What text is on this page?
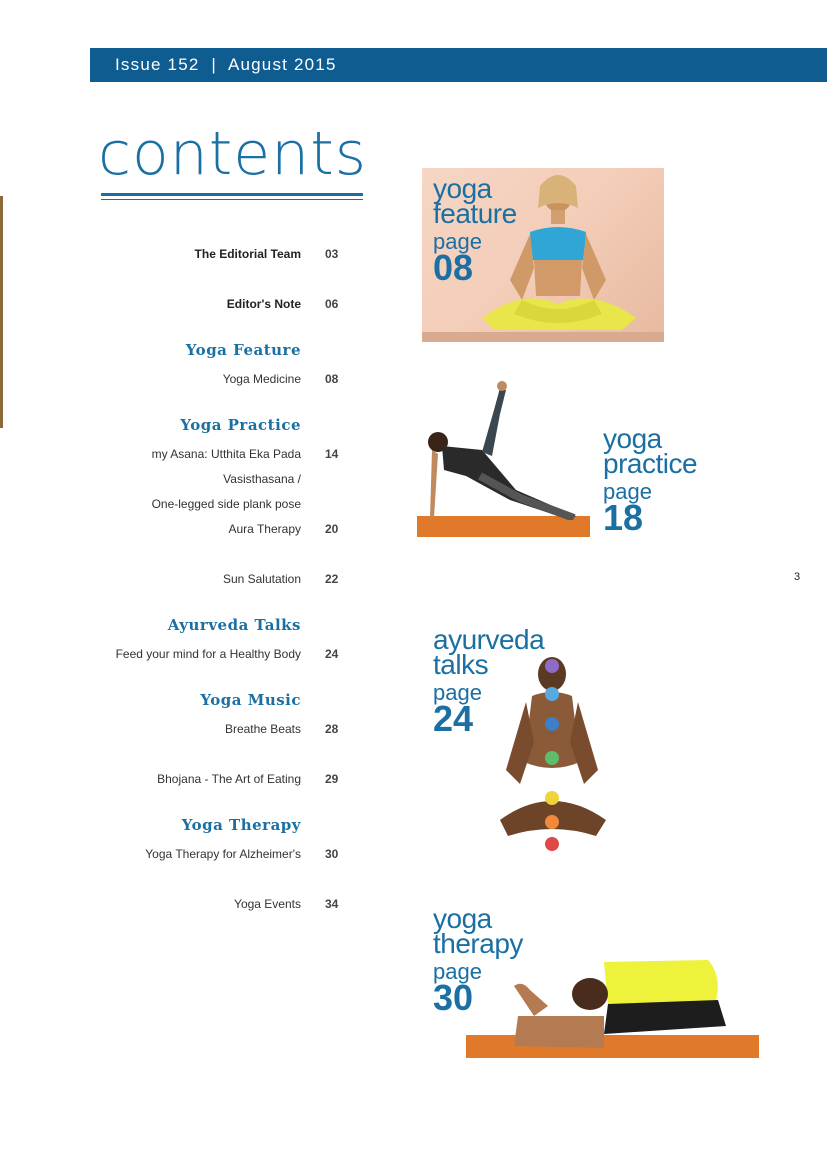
Issue 152 | August 2015
contents
The Editorial Team 03
Editor's Note 06
Yoga Feature
Yoga Medicine 08
Yoga Practice
my Asana: Utthita Eka Pada 14
Vasisthasana /
One-legged side plank pose
Aura Therapy 20
Sun Salutation 22
Ayurveda Talks
Feed your mind for a Healthy Body 24
Yoga Music
Breathe Beats 28
Bhojana - The Art of Eating 29
Yoga Therapy
Yoga Therapy for Alzheimer's 30
Yoga Events 34
3
yoga
feature
page
08
yoga
practice
page
18
ayurveda
talks
page
24
yoga
therapy
page
30
